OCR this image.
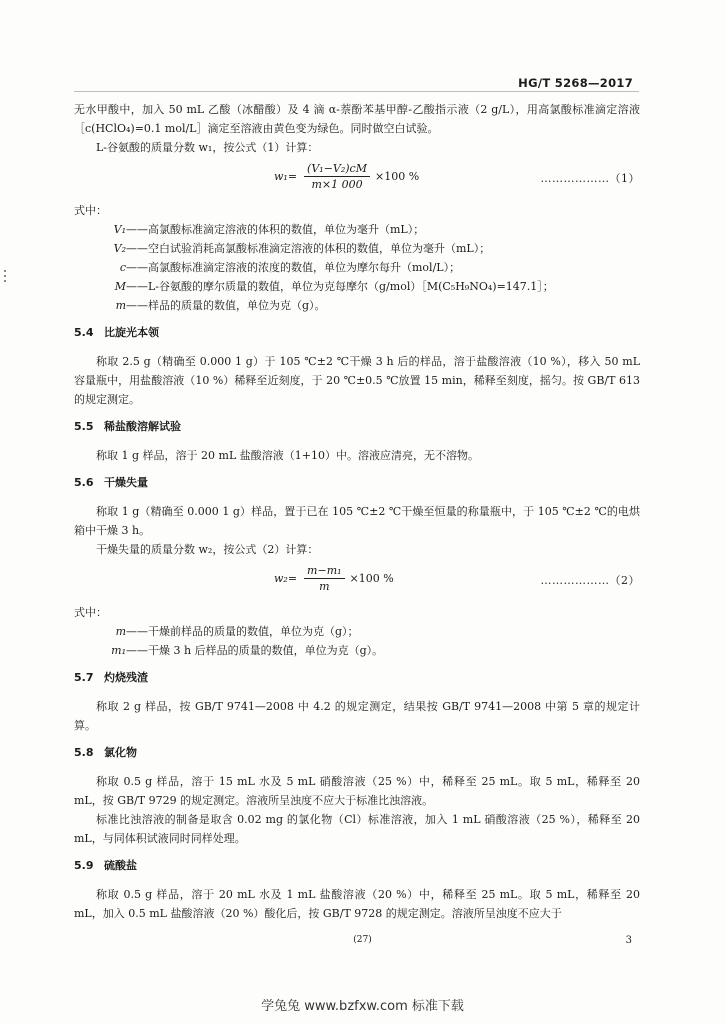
HG/T 5268—2017

无水甲酸中，加入 50 mL 乙酸（冰醋酸）及 4 滴 α-萘酚苯基甲醇-乙酸指示液（2 g/L），用高氯酸标准滴定溶液［c(HClO₄)=0.1 mol/L］滴定至溶液由黄色变为绿色。同时做空白试验。

L-谷氨酸的质量分数 w₁，按公式（1）计算：

$w_1= \frac{\text{(V₁−V₂)cM}}{m\times 1 000} \times 100$ %	………………（1）

式中：

V₁——高氯酸标准滴定溶液的体积的数值，单位为毫升（mL）；

V₂——空白试验消耗高氯酸标准滴定溶液的体积的数值，单位为毫升（mL）；

c——高氯酸标准滴定溶液的浓度的数值，单位为摩尔每升（mol/L）；

M——L-谷氨酸的摩尔质量的数值，单位为克每摩尔（g/mol）［M(C₅H₉NO₄)=147.1］；

m——样品的质量的数值，单位为克（g）。

5.4 比旋光本领

称取 2.5 g（精确至 0.000 1 g）于 105 ℃±2 ℃干燥 3 h 后的样品，溶于盐酸溶液（10 %），移入 50 mL 容量瓶中，用盐酸溶液（10 %）稀释至近刻度，于 20 ℃±0.5 ℃放置 15 min，稀释至刻度，摇匀。按 GB/T 613 的规定测定。

5.5 稀盐酸溶解试验

称取 1 g 样品，溶于 20 mL 盐酸溶液（1+10）中。溶液应清亮，无不溶物。

5.6 干燥失量

称取 1 g（精确至 0.000 1 g）样品，置于已在 105 ℃±2 ℃干燥至恒量的称量瓶中，于 105 ℃±2 ℃的电烘箱中干燥 3 h。

干燥失量的质量分数 w₂，按公式（2）计算：

$w_2= \frac{\text{m−m₁}}{m} \times 100$ %	………………（2）

式中：

m——干燥前样品的质量的数值，单位为克（g）；

m₁——干燥 3 h 后样品的质量的数值，单位为克（g）。

5.7 灼烧残渣

称取 2 g 样品，按 GB/T 9741—2008 中 4.2 的规定测定，结果按 GB/T 9741—2008 中第 5 章的规定计算。

5.8 氯化物

称取 0.5 g 样品，溶于 15 mL 水及 5 mL 硝酸溶液（25 %）中，稀释至 25 mL。取 5 mL，稀释至 20 mL，按 GB/T 9729 的规定测定。溶液所呈浊度不应大于标准比浊溶液。

标准比浊溶液的制备是取含 0.02 mg 的氯化物（Cl）标准溶液，加入 1 mL 硝酸溶液（25 %），稀释至 20 mL，与同体积试液同时同样处理。

5.9 硫酸盐

称取 0.5 g 样品，溶于 20 mL 水及 1 mL 盐酸溶液（20 %）中，稀释至 25 mL。取 5 mL，稀释至 20 mL，加入 0.5 mL 盐酸溶液（20 %）酸化后，按 GB/T 9728 的规定测定。溶液所呈浊度不应大于

(27)	3
学兔兔 www.bzfxw.com 标准下载
